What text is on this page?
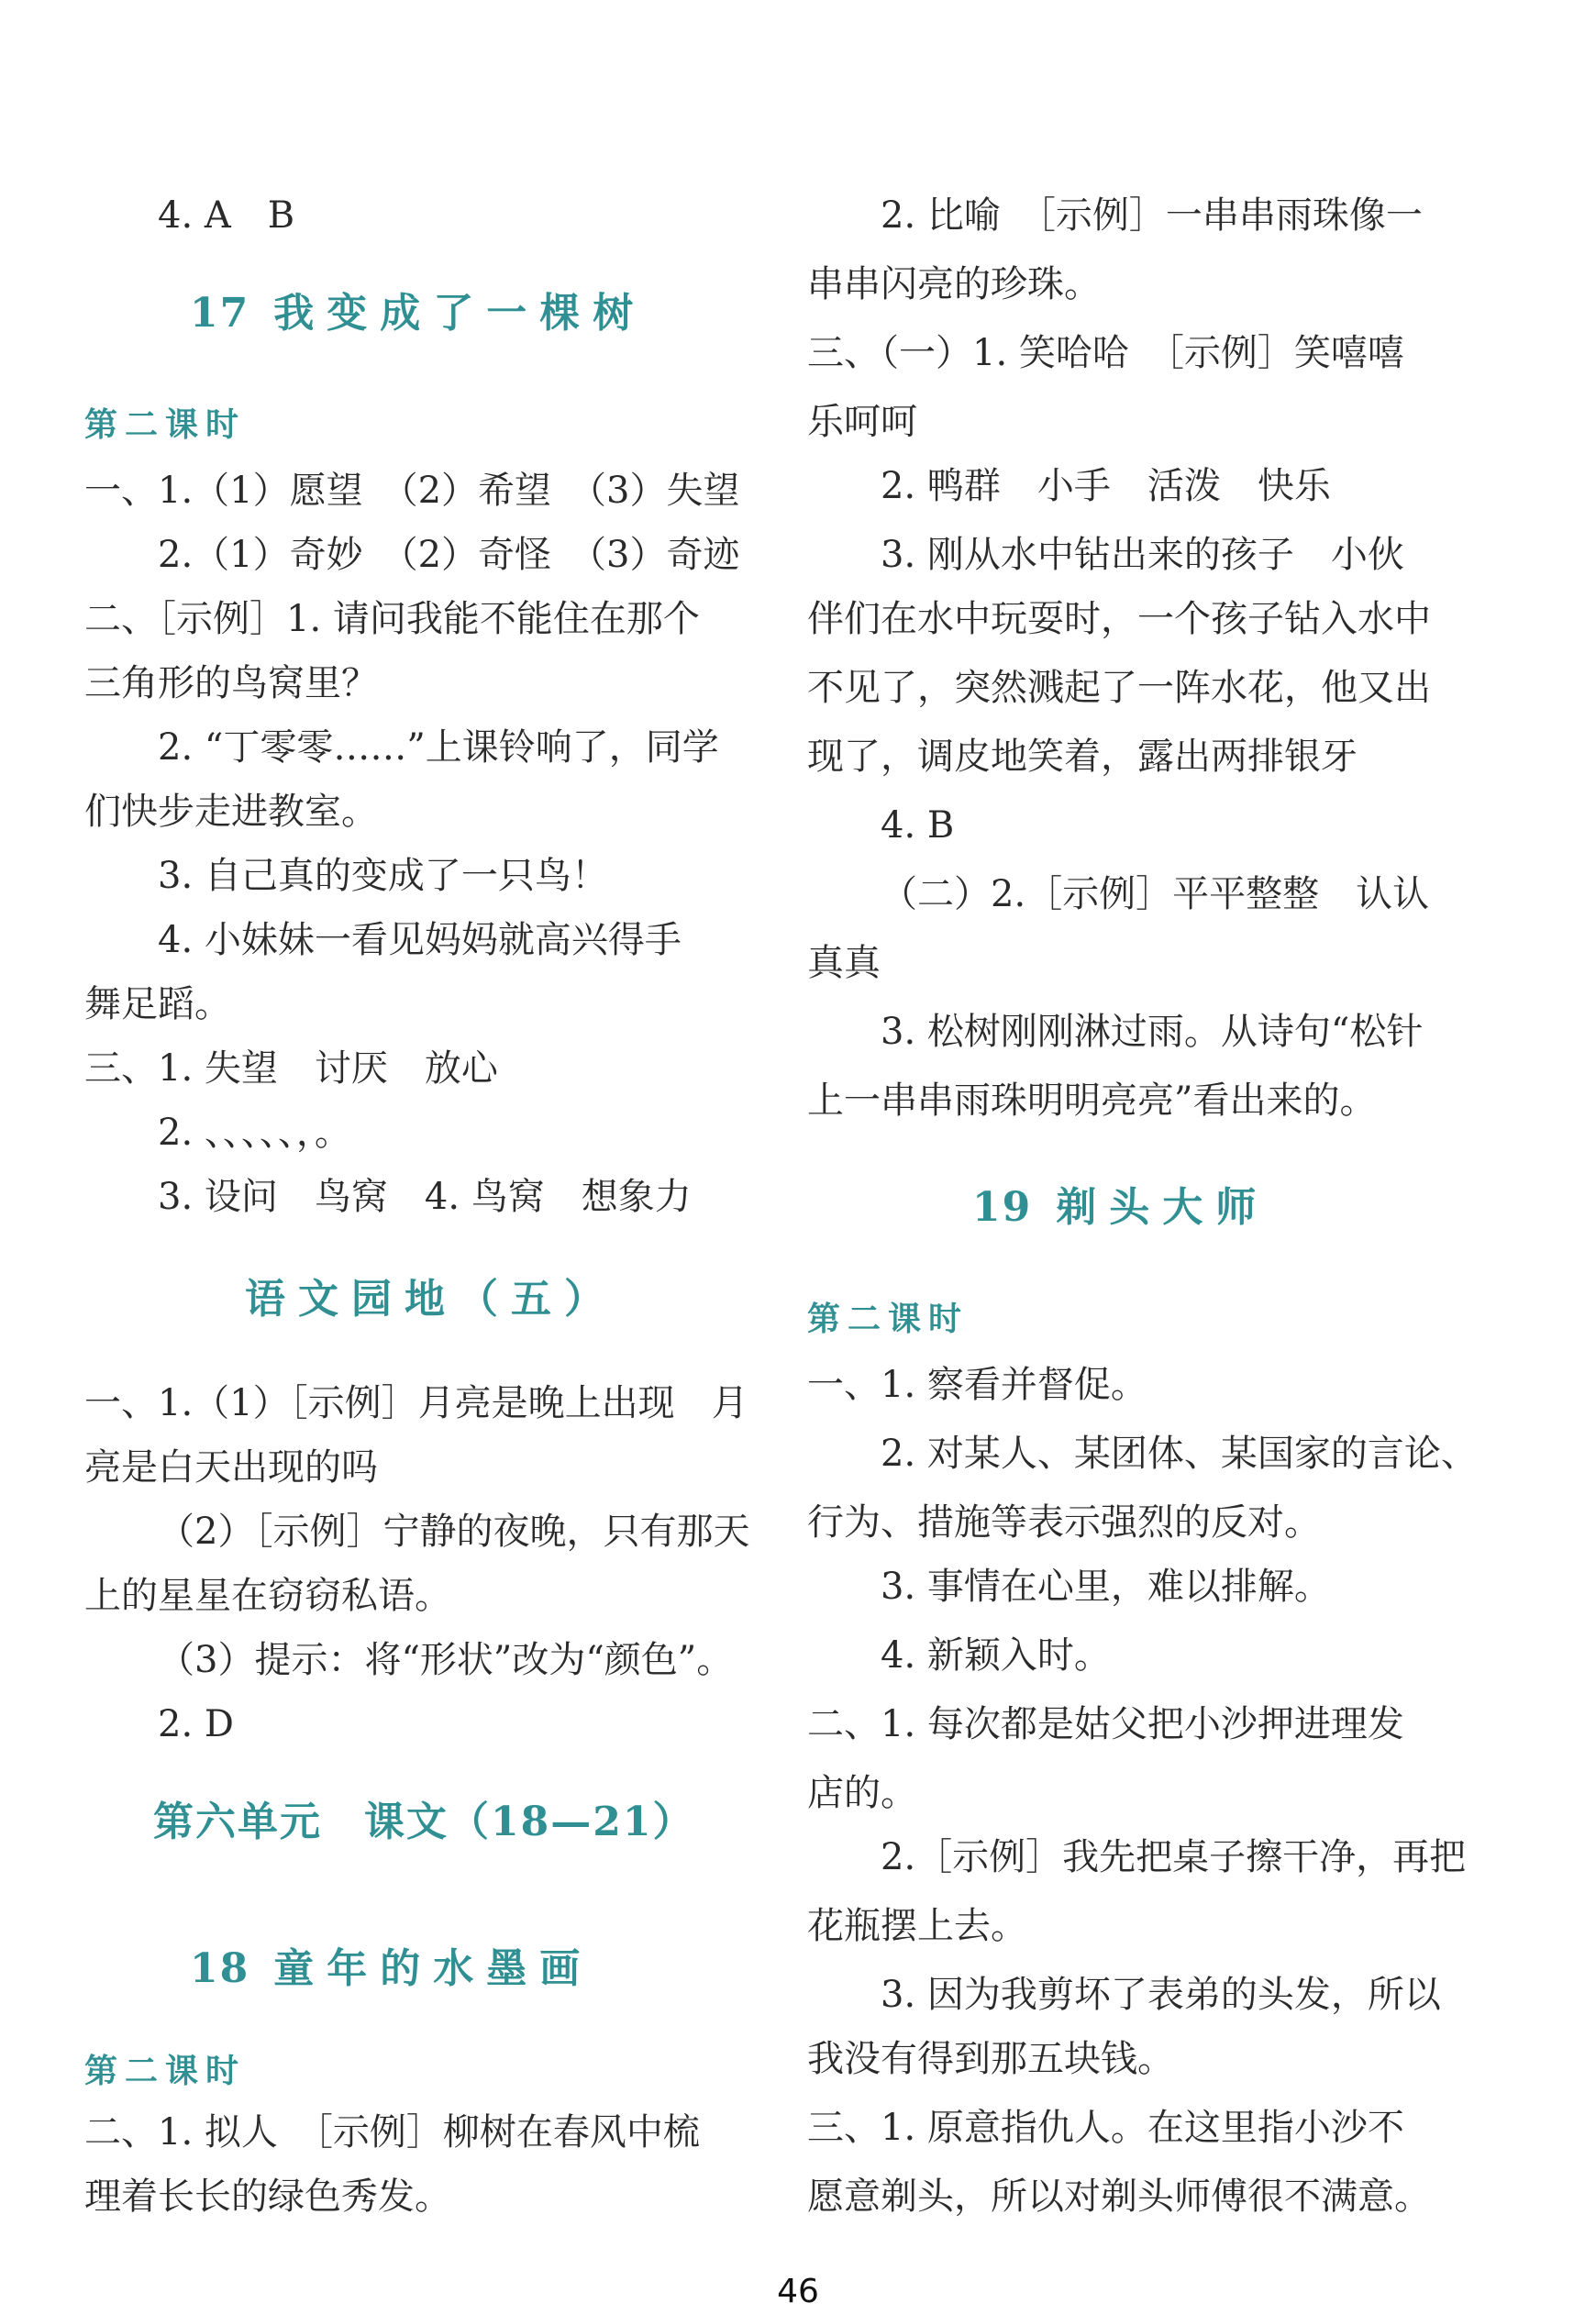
4. A　B
17 我变成了一棵树
第二课时
一、1.（1）愿望　（2）希望　（3）失望
2.（1）奇妙　（2）奇怪　（3）奇迹
二、［示例］1. 请问我能不能住在那个
三角形的鸟窝里？
2. “丁零零……”上课铃响了，同学
们快步走进教室。
3. 自己真的变成了一只鸟！
4. 小妹妹一看见妈妈就高兴得手
舞足蹈。
三、1. 失望　讨厌　放心
2. 、、、、、，。
3. 设问　鸟窝　4. 鸟窝　想象力
语文园地（五）
一、1.（1）［示例］月亮是晚上出现　月
亮是白天出现的吗
（2）［示例］宁静的夜晚，只有那天
上的星星在窃窃私语。
（3）提示：将“形状”改为“颜色”。
2. D
第六单元　课文（18—21）
18 童年的水墨画
第二课时
二、1. 拟人　［示例］柳树在春风中梳
理着长长的绿色秀发。
2. 比喻　［示例］一串串雨珠像一
串串闪亮的珍珠。
三、（一）1. 笑哈哈　［示例］笑嘻嘻
乐呵呵
2. 鸭群　小手　活泼　快乐
3. 刚从水中钻出来的孩子　小伙
伴们在水中玩耍时，一个孩子钻入水中
不见了，突然溅起了一阵水花，他又出
现了，调皮地笑着，露出两排银牙
4. B
（二）2.［示例］平平整整　认认
真真
3. 松树刚刚淋过雨。从诗句“松针
上一串串雨珠明明亮亮”看出来的。
19 剃头大师
第二课时
一、1. 察看并督促。
2. 对某人、某团体、某国家的言论、
行为、措施等表示强烈的反对。
3. 事情在心里，难以排解。
4. 新颖入时。
二、1. 每次都是姑父把小沙押进理发
店的。
2.［示例］我先把桌子擦干净，再把
花瓶摆上去。
3. 因为我剪坏了表弟的头发，所以
我没有得到那五块钱。
三、1. 原意指仇人。在这里指小沙不
愿意剃头，所以对剃头师傅很不满意。
46
